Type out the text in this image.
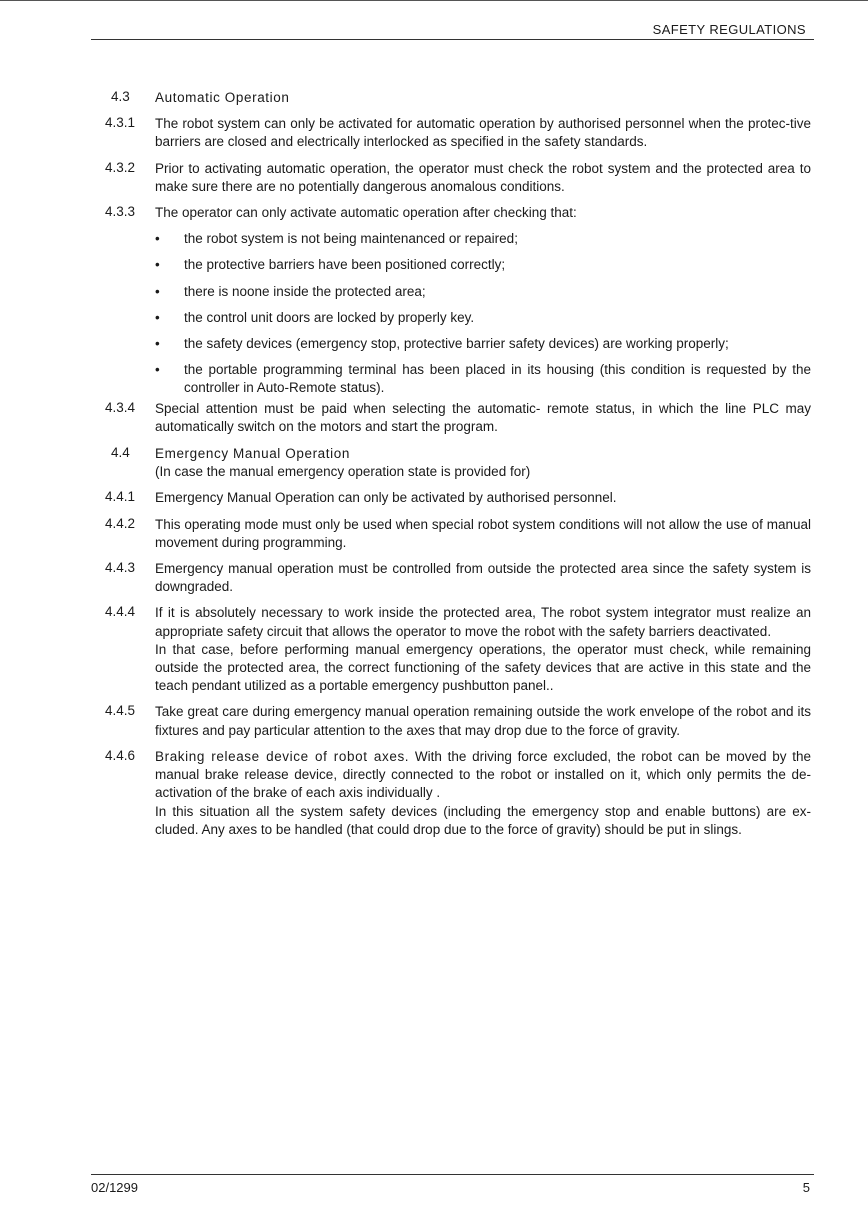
SAFETY REGULATIONS
4.3	Automatic Operation
4.3.1	The robot system can only be activated for automatic operation by authorised personnel when the protec-tive barriers are closed and electrically interlocked as specified in the safety standards.
4.3.2	Prior to activating automatic operation, the operator must check the robot system and the protected area to make sure there are no potentially dangerous anomalous conditions.
4.3.3	The operator can only activate automatic operation after checking that:

•	the robot system is not being maintenanced or repaired;
•	the protective barriers have been positioned correctly;
•	there is noone inside the protected area;
•	the control unit doors are locked by properly key.
•	the safety devices (emergency stop, protective barrier safety devices) are working properly;
•	the portable programming terminal has been placed in its housing (this condition is requested by the controller in Auto-Remote status).
4.3.4	Special attention must be paid when selecting the automatic- remote status, in which the line PLC may automatically switch on the motors and start the program.
4.4	Emergency Manual Operation
(In case the manual emergency operation state is provided for)
4.4.1	Emergency Manual Operation can only be activated by authorised personnel.
4.4.2	This operating mode must only be used when special robot system conditions will not allow the use of manual movement during programming.
4.4.3	Emergency manual operation must be controlled from outside the protected area since the safety system is downgraded.
4.4.4	If it is absolutely necessary to work inside the protected area, The robot system integrator must realize an appropriate safety circuit that allows the operator to move the robot with the safety barriers deactivated.

In that case, before performing manual emergency operations, the operator must check, while remaining outside the protected area, the correct functioning of the safety devices that are active in this state and the teach pendant utilized as a portable emergency pushbutton panel..

4.4.5	Take great care during emergency manual operation remaining outside the work envelope of the robot and its fixtures and pay particular attention to the axes that may drop due to the force of gravity.
4.4.6	Braking release device of robot axes. With the driving force excluded, the robot can be moved by the manual brake release device, directly connected to the robot or installed on it, which only permits the de-activation of the brake of each axis individually .

In this situation all the system safety devices (including the emergency stop and enable buttons) are ex-cluded. Any axes to be handled (that could drop due to the force of gravity) should be put in slings.

02/1299	5
